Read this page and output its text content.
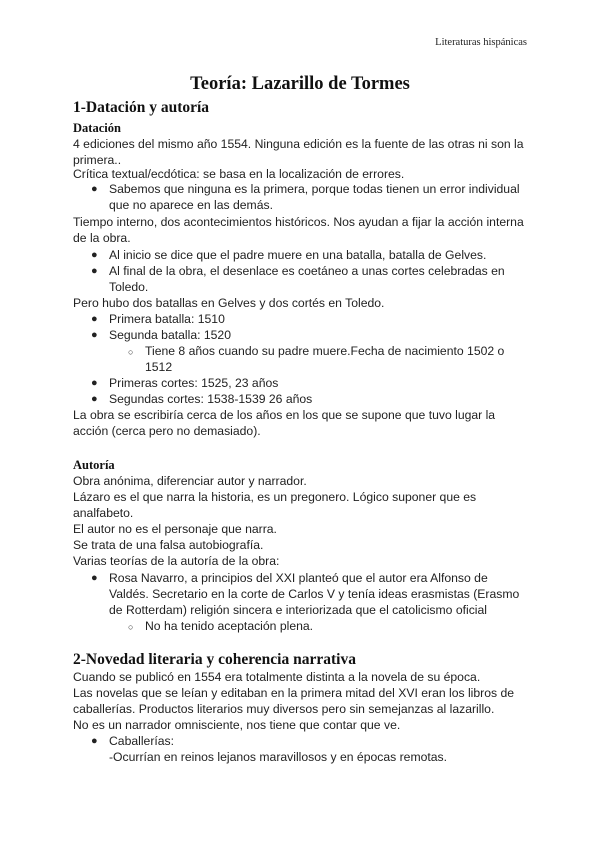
Literaturas hispánicas
Teoría: Lazarillo de Tormes
1-Datación y autoría
Datación
4 ediciones del mismo año 1554. Ninguna edición es la fuente de las otras ni son la
primera..
Crítica textual/ecdótica: se basa en la localización de errores.
● Sabemos que ninguna es la primera, porque todas tienen un error individual
que no aparece en las demás.
Tiempo interno, dos acontecimientos históricos. Nos ayudan a fijar la acción interna
de la obra.
● Al inicio se dice que el padre muere en una batalla, batalla de Gelves.
● Al final de la obra, el desenlace es coetáneo a unas cortes celebradas en
Toledo.
Pero hubo dos batallas en Gelves y dos cortés en Toledo.
● Primera batalla: 1510
● Segunda batalla: 1520
○ Tiene 8 años cuando su padre muere.Fecha de nacimiento 1502 o
1512
● Primeras cortes: 1525, 23 años
● Segundas cortes: 1538-1539 26 años
La obra se escribiría cerca de los años en los que se supone que tuvo lugar la
acción (cerca pero no demasiado).
Autoría
Obra anónima, diferenciar autor y narrador.
Lázaro es el que narra la historia, es un pregonero. Lógico suponer que es
analfabeto.
El autor no es el personaje que narra.
Se trata de una falsa autobiografía.
Varias teorías de la autoría de la obra:
● Rosa Navarro, a principios del XXI planteó que el autor era Alfonso de
Valdés. Secretario en la corte de Carlos V y tenía ideas erasmistas (Erasmo
de Rotterdam) religión sincera e interiorizada que el catolicismo oficial
○ No ha tenido aceptación plena.
2-Novedad literaria y coherencia narrativa
Cuando se publicó en 1554 era totalmente distinta a la novela de su época.
Las novelas que se leían y editaban en la primera mitad del XVI eran los libros de
caballerías. Productos literarios muy diversos pero sin semejanzas al lazarillo.
No es un narrador omnisciente, nos tiene que contar que ve.
● Caballerías:
-Ocurrían en reinos lejanos maravillosos y en épocas remotas.
